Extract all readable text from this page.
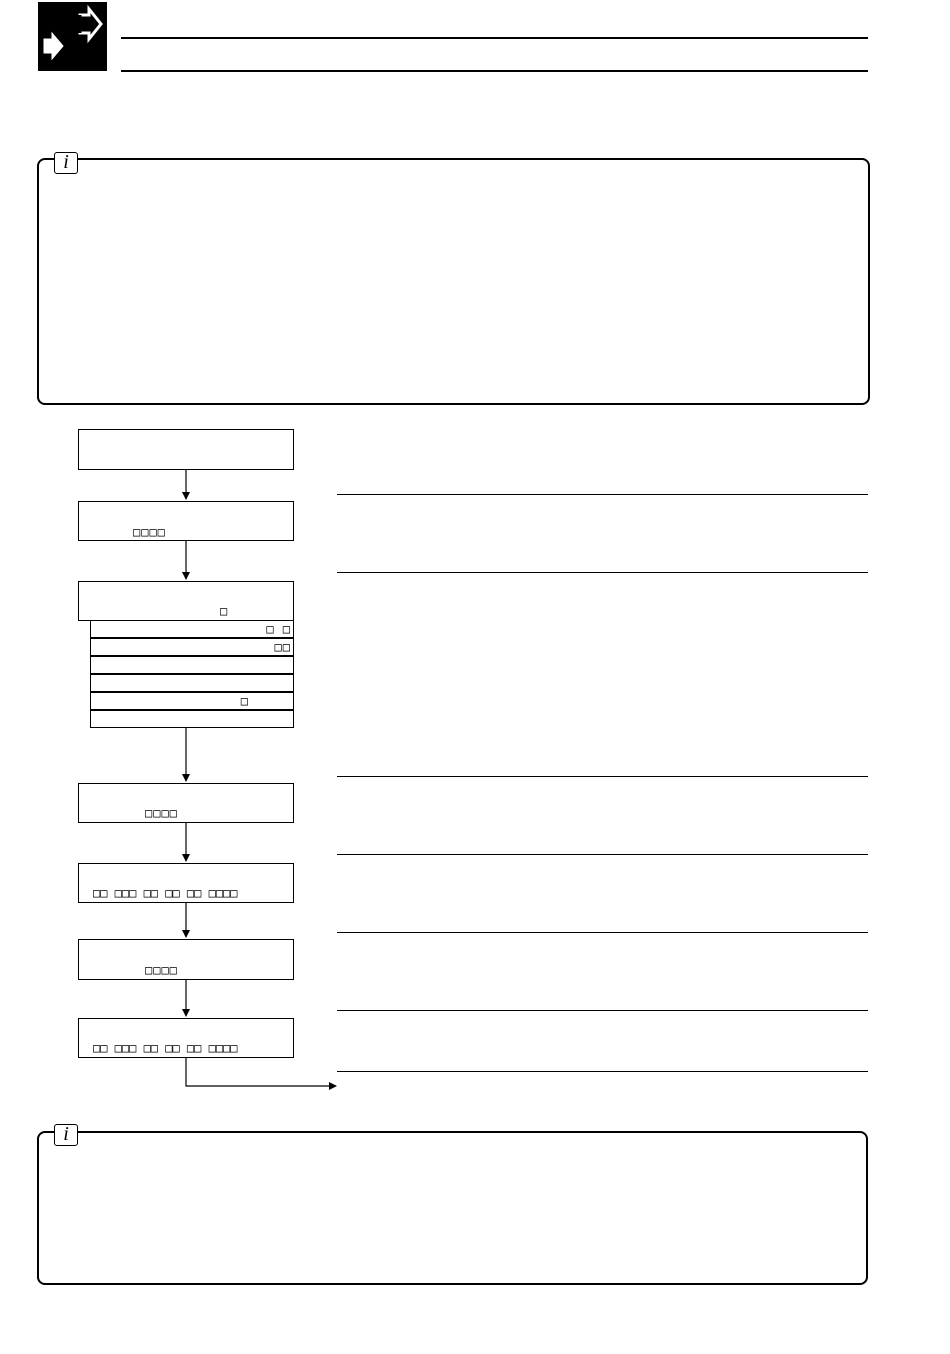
i
□□□□
□
□ □
□□
□
□□□□
□□ □□□ □□ □□ □□ □□□□
□□□□
□□ □□□ □□ □□ □□ □□□□
i
